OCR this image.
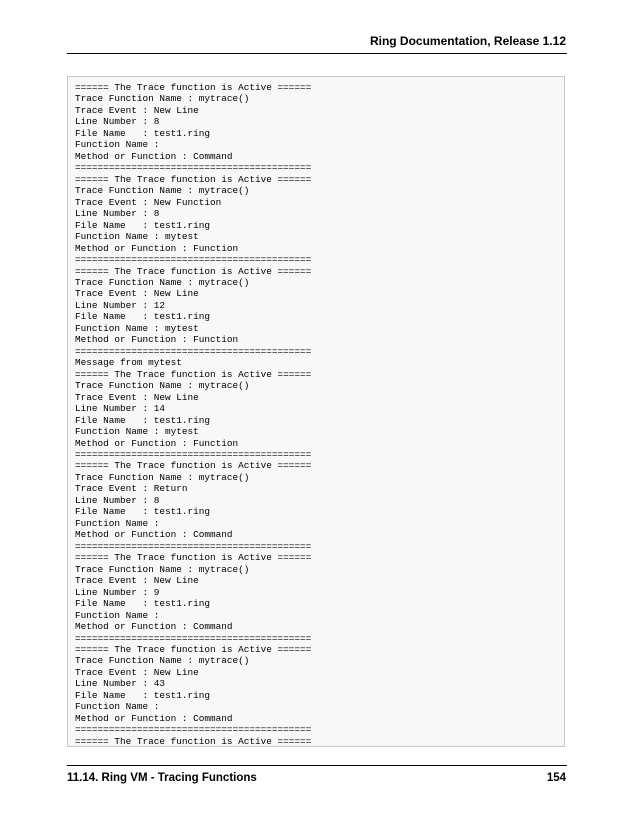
Ring Documentation, Release 1.12
====== The Trace function is Active ======
Trace Function Name : mytrace()
Trace Event : New Line
Line Number : 8
File Name   : test1.ring
Function Name :
Method or Function : Command
==========================================
====== The Trace function is Active ======
Trace Function Name : mytrace()
Trace Event : New Function
Line Number : 8
File Name   : test1.ring
Function Name : mytest
Method or Function : Function
==========================================
====== The Trace function is Active ======
Trace Function Name : mytrace()
Trace Event : New Line
Line Number : 12
File Name   : test1.ring
Function Name : mytest
Method or Function : Function
==========================================
Message from mytest
====== The Trace function is Active ======
Trace Function Name : mytrace()
Trace Event : New Line
Line Number : 14
File Name   : test1.ring
Function Name : mytest
Method or Function : Function
==========================================
====== The Trace function is Active ======
Trace Function Name : mytrace()
Trace Event : Return
Line Number : 8
File Name   : test1.ring
Function Name :
Method or Function : Command
==========================================
====== The Trace function is Active ======
Trace Function Name : mytrace()
Trace Event : New Line
Line Number : 9
File Name   : test1.ring
Function Name :
Method or Function : Command
==========================================
====== The Trace function is Active ======
Trace Function Name : mytrace()
Trace Event : New Line
Line Number : 43
File Name   : test1.ring
Function Name :
Method or Function : Command
==========================================
====== The Trace function is Active ======
11.14. Ring VM - Tracing Functions	154
